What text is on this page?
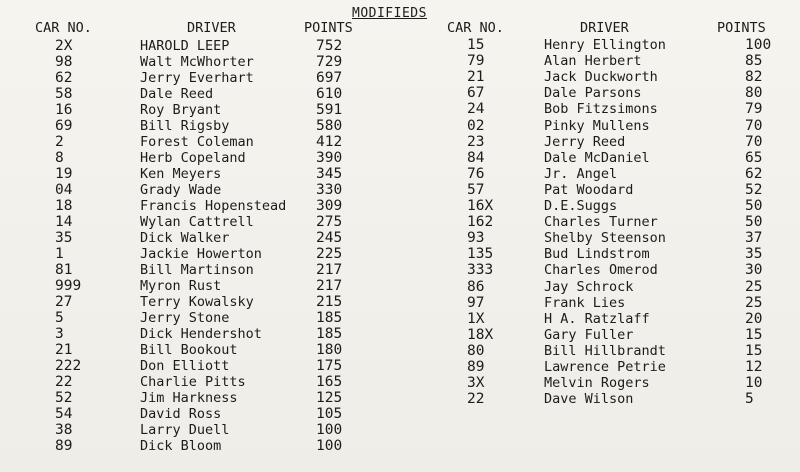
MODIFIEDS
CAR NO.	DRIVER	POINTS	CAR NO.	DRIVER	POINTS
2X	HAROLD LEEP	752
98	Walt McWhorter	729
62	Jerry Everhart	697
58	Dale Reed	610
16	Roy Bryant	591
69	Bill Rigsby	580
2	Forest Coleman	412
8	Herb Copeland	390
19	Ken Meyers	345
04	Grady Wade	330
18	Francis Hopenstead 309
14	Wylan Cattrell	275
35	Dick Walker	245
1	Jackie Howerton	225
81	Bill Martinson	217
999	Myron Rust	217
27	Terry Kowalsky	215
5	Jerry Stone	185
3	Dick Hendershot	185
21	Bill Bookout	180
222	Don Elliott	175
22	Charlie Pitts	165
52	Jim Harkness	125
54	David Ross	105
38	Larry Duell	100
89	Dick Bloom	100
15	Henry Ellington	100
79	Alan Herbert	85
21	Jack Duckworth	82
67	Dale Parsons	80
24	Bob Fitzsimons	79
02	Pinky Mullens	70
23	Jerry Reed	70
84	Dale McDaniel	65
76	Jr. Angel	62
57	Pat Woodard	52
16X	D.E.Suggs	50
162	Charles Turner	50
93	Shelby Steenson	37
135	Bud Lindstrom	35
333	Charles Omerod	30
86	Jay Schrock	25
97	Frank Lies	25
1X	H A. Ratzlaff	20
18X	Gary Fuller	15
80	Bill Hillbrandt	15
89	Lawrence Petrie	12
3X	Melvin Rogers	10
22	Dave Wilson	5
